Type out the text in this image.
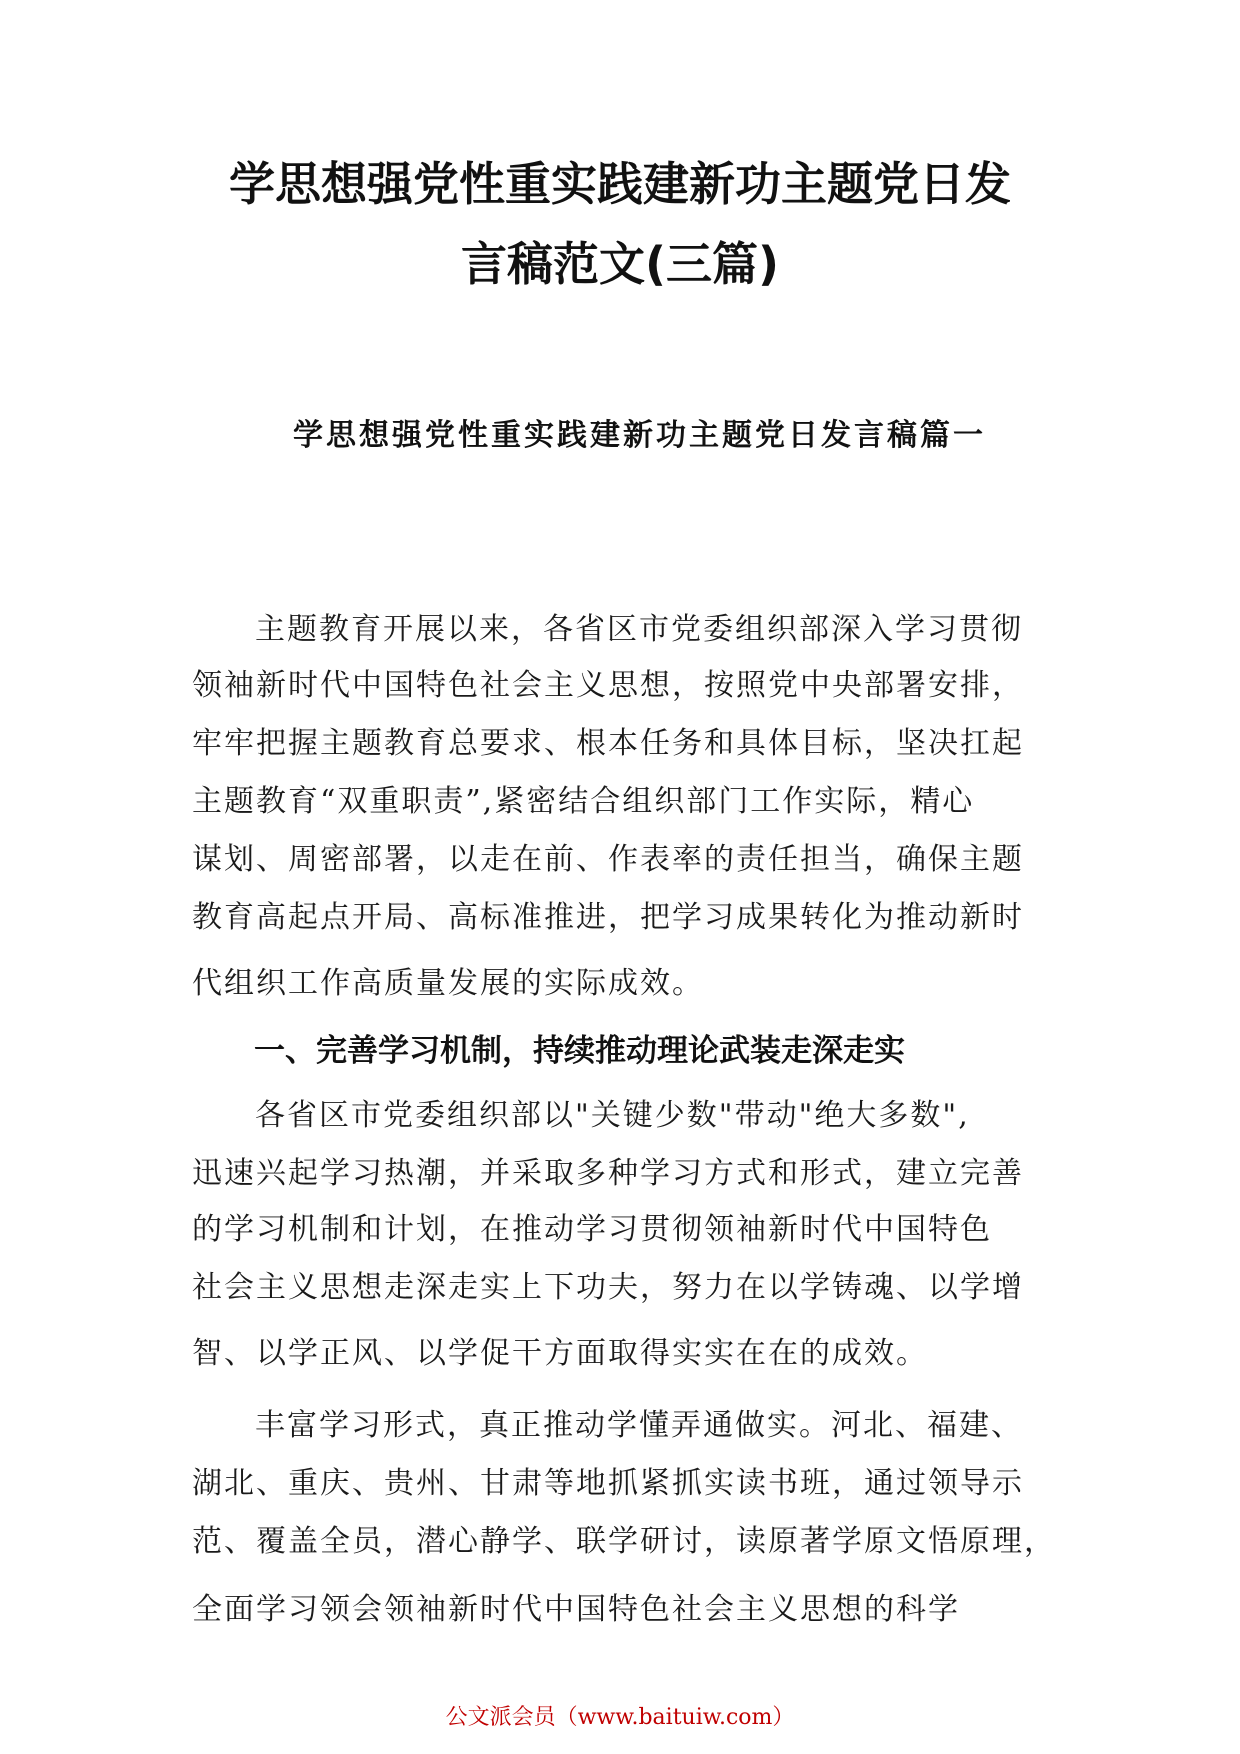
学思想强党性重实践建新功主题党日发
言稿范文(三篇)
学思想强党性重实践建新功主题党日发言稿篇一
主题教育开展以来，各省区市党委组织部深入学习贯彻
领袖新时代中国特色社会主义思想，按照党中央部署安排，
牢牢把握主题教育总要求、根本任务和具体目标，坚决扛起
主题教育“双重职责”,紧密结合组织部门工作实际，精心
谋划、周密部署，以走在前、作表率的责任担当，确保主题
教育高起点开局、高标准推进，把学习成果转化为推动新时
代组织工作高质量发展的实际成效。
一、完善学习机制，持续推动理论武装走深走实
各省区市党委组织部以"关键少数"带动"绝大多数",
迅速兴起学习热潮，并采取多种学习方式和形式，建立完善
的学习机制和计划，在推动学习贯彻领袖新时代中国特色
社会主义思想走深走实上下功夫，努力在以学铸魂、以学增
智、以学正风、以学促干方面取得实实在在的成效。
丰富学习形式，真正推动学懂弄通做实。河北、福建、
湖北、重庆、贵州、甘肃等地抓紧抓实读书班，通过领导示
范、覆盖全员，潜心静学、联学研讨，读原著学原文悟原理，
全面学习领会领袖新时代中国特色社会主义思想的科学
公文派会员（www.baituiw.com）
